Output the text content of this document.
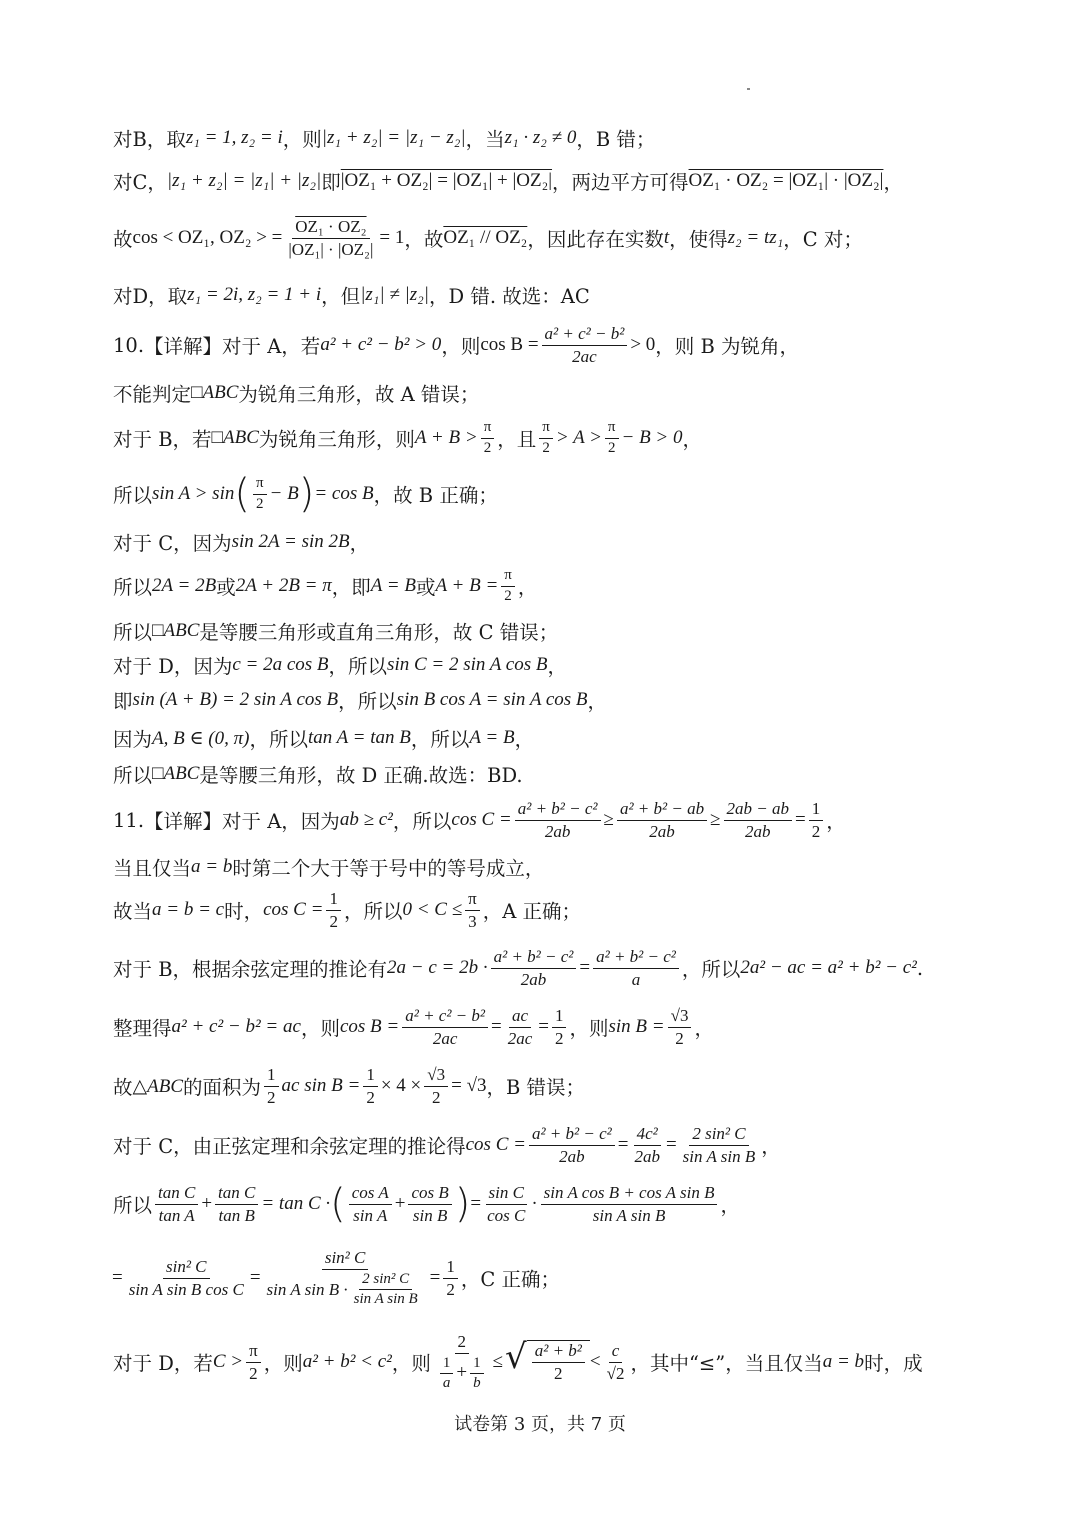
对B，取 z₁ = 1, z₂ = i ，则 |z₁ + z₂| = |z₁ − z₂| ，当 z₁ · z₂ ≠ 0 ，B 错；
对C， |z₁ + z₂| = |z₁| + |z₂| 即 |OZ₁ + OZ₂| = |OZ₁| + |OZ₂| ，两边平方可得 OZ₁ · OZ₂ = |OZ₁| · |OZ₂| ，
故 cos < OZ₁, OZ₂ > = $\frac{\text{OZ₁ · OZ₂}}{\text{|OZ₁| · |OZ₂|}} = 1$ ，故 OZ₁ // OZ₂ ，因此存在实数 t ，使得 z₂ = tz₁ ，C 对；
对D，取 z₁ = 2i, z₂ = 1 + i ，但 |z₁| ≠ |z₂| ，D 错. 故选：AC
10. 【详解】 对于 A，若 a² + c² − b² > 0 ，则 $\cos B = \frac{\text{a² + c² − b²}}{2ac} > 0$ ，则 B 为锐角，
不能判定 □ABC 为锐角三角形，故 A 错误；
对于 B，若 □ABC 为锐角三角形，则 $A + B > \frac{\pi}{2}$ ，且 $\frac{\pi}{2} > A > \frac{\pi}{2} - B > 0$ ，
所以 sin A > sin ( $\frac{\pi}{2} - B$ ) = cos B ，故 B 正确；
对于 C，因为 sin 2A = sin 2B ，
所以 2A = 2B 或 2A + 2B = π ，即 A = B 或 $A + B = \frac{\pi}{2}$ ，
所以 □ABC 是等腰三角形或直角三角形，故 C 错误；
对于 D，因为 c = 2a cos B ，所以 sin C = 2 sin A cos B ，
即 sin (A + B) = 2 sin A cos B ，所以 sin B cos A = sin A cos B ，
因为 A, B ∈ (0, π) ，所以 tan A = tan B ，所以 A = B ，
所以 □ABC 是等腰三角形，故 D 正确.故选：BD.
11. 【详解】 对于 A，因为 ab ≥ c² ，所以 $\cos C = \frac{\text{a² + b² − c²}}{2ab} \ge \frac{\text{a² + b² − ab}}{2ab} \ge \frac{2ab - ab}{2ab} = \frac{1}{2}$ ，
当且仅当 a = b 时第二个大于等于号中的等号成立，
故当 a = b = c 时， $\cos C = \frac{1}{2}$ ，所以 $0 < C \le \frac{\pi}{3}$ ，A 正确；
对于 B，根据余弦定理的推论有 $2a - c = 2b \cdot \frac{\text{a² + b² − c²}}{2ab} = \frac{\text{a² + b² − c²}}{a}$ ，所以 2a² − ac = a² + b² − c² .
整理得 a² + c² − b² = ac ，则 $\cos B = \frac{\text{a² + c² − b²}}{2ac} = \frac{ac}{2ac} = \frac{1}{2}$ ，则 $\sin B = \frac{√3}{2}$ ，
故 △ABC 的面积为 $\frac{1}{2}$ ac $\sin B = \frac{1}{2} \times 4 \times \frac{√3}{2} = √3$ ，B 错误；
对于 C，由正弦定理和余弦定理的推论得 $\cos C = \frac{\text{a² + b² − c²}}{2ab} = \frac{\text{4c²}}{2ab} = \frac{\text{2 sin² C}}{\text{sin A sin B}}$ ，
所以 $\frac{\text{tan C}}{\text{tan A}} + \frac{\text{tan C}}{\text{tan B}} = \tan C$ · ( $\frac{\text{cos A}}{\text{sin A}} + \frac{\text{cos B}}{\text{sin B}}$ ) = $\frac{\text{sin C}}{\text{cos C}} \cdot \frac{\text{sin A cos B + cos A sin B}}{\text{sin A sin B}}$ ，
= $\frac{\text{sin² C}}{\text{sin A sin B cos C}} = \frac{\text{sin² C}}{\sin A \sin B \cdot \frac{\text{2 sin² C}}{\text{sin A sin B}}} = \frac{1}{2}$ ，C 正确；
对于 D，若 $C > \frac{\pi}{2}$ ，则 a² + b² < c² ，则 $\frac{2}{\frac{1}{a} + \frac{1}{b}}$ ≤ √ $\frac{\text{a² + b²}}{2} < \frac{c}{√2}$ ，其中“≤”，当且仅当 a = b 时，成
试卷第 3 页，共 7 页
